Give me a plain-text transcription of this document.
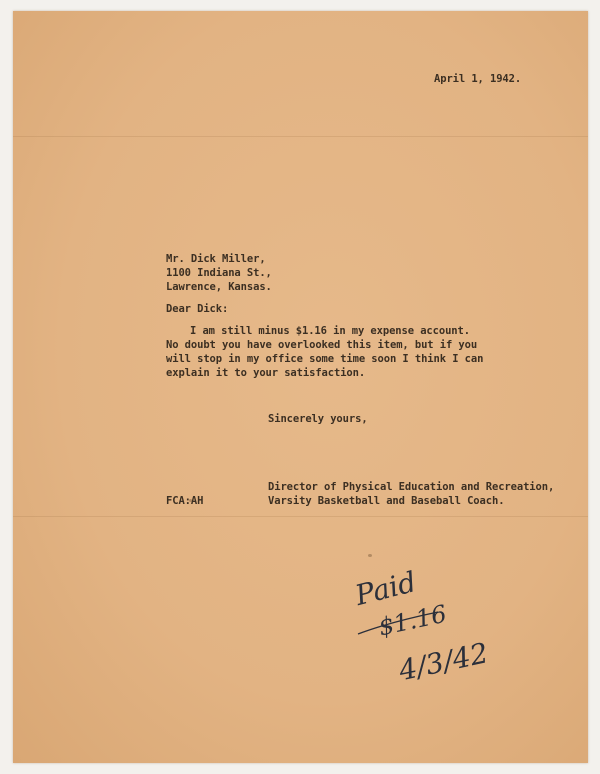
April 1, 1942.
Mr. Dick Miller,
1100 Indiana St.,
Lawrence, Kansas.
Dear Dick:
I am still minus $1.16 in my expense account.
No doubt you have overlooked this item, but if you
will stop in my office some time soon I think I can
explain it to your satisfaction.
Sincerely yours,
Director of Physical Education and Recreation,
FCA:AH	Varsity Basketball and Baseball Coach.
Paid
$1.16
4/3/42
